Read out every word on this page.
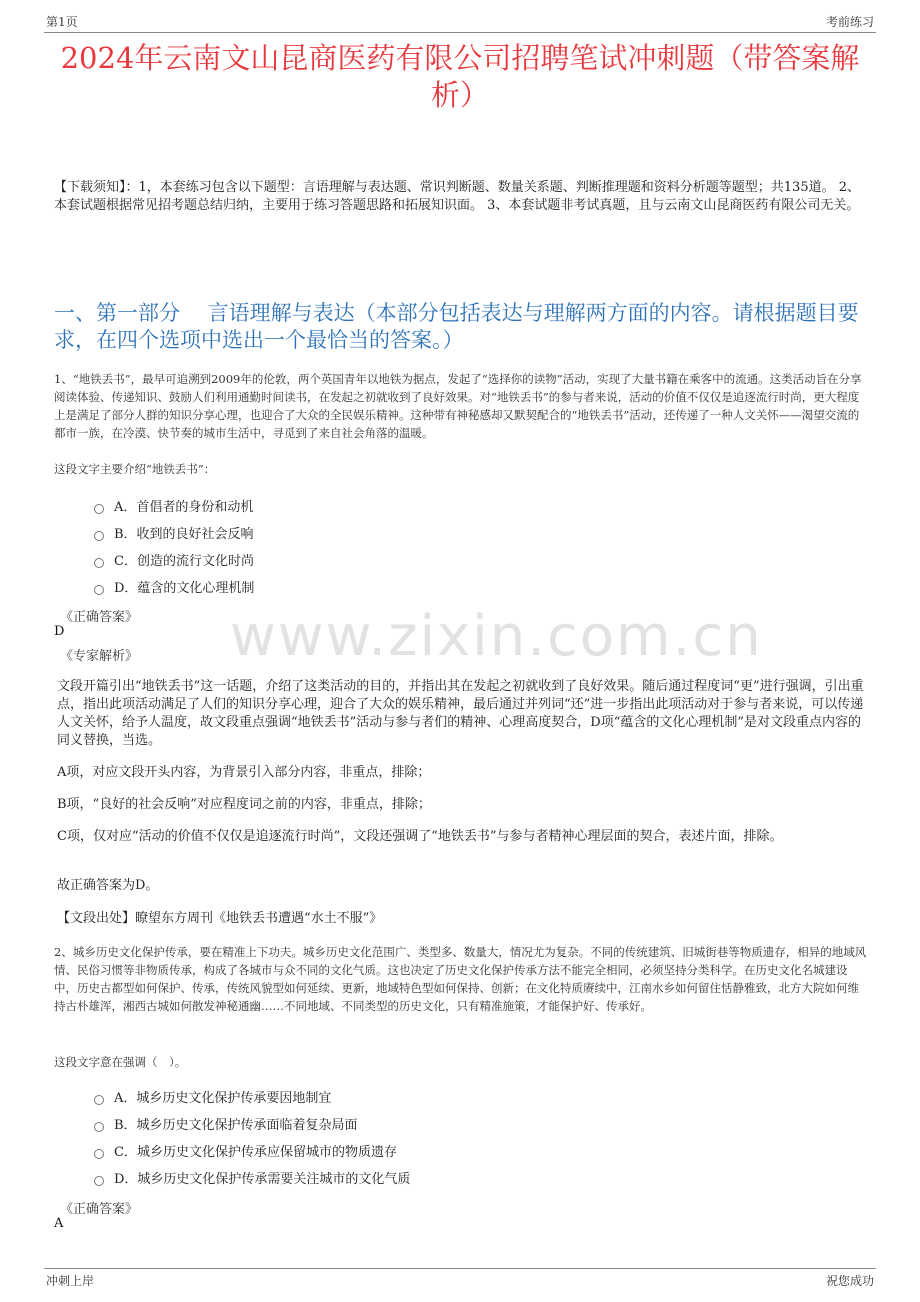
第1页	考前练习
2024年云南文山昆商医药有限公司招聘笔试冲刺题（带答案解析）
【下载须知】：1，本套练习包含以下题型：言语理解与表达题、常识判断题、数量关系题、判断推理题和资料分析题等题型；共135道。 2、本套试题根据常见招考题总结归纳，主要用于练习答题思路和拓展知识面。 3、本套试题非考试真题，且与云南文山昆商医药有限公司无关。
一、第一部分　 言语理解与表达（本部分包括表达与理解两方面的内容。请根据题目要求，在四个选项中选出一个最恰当的答案。）
1、“地铁丢书”，最早可追溯到2009年的伦敦，两个英国青年以地铁为据点，发起了“选择你的读物”活动，实现了大量书籍在乘客中的流通。这类活动旨在分享阅读体验、传递知识、鼓励人们利用通勤时间读书，在发起之初就收到了良好效果。对“地铁丢书”的参与者来说，活动的价值不仅仅是追逐流行时尚，更大程度上是满足了部分人群的知识分享心理，也迎合了大众的全民娱乐精神。这种带有神秘感却又默契配合的“地铁丢书”活动，还传递了一种人文关怀——渴望交流的都市一族，在冷漠、快节奏的城市生活中，寻觅到了来自社会角落的温暖。
这段文字主要介绍“地铁丢书”：
A．首倡者的身份和动机
B．收到的良好社会反响
C．创造的流行文化时尚
D．蕴含的文化心理机制
《正确答案》
D
《专家解析》 www.zixin.com.cn
文段开篇引出“地铁丢书”这一话题，介绍了这类活动的目的，并指出其在发起之初就收到了良好效果。随后通过程度词“更”进行强调，引出重点，指出此项活动满足了人们的知识分享心理，迎合了大众的娱乐精神，最后通过并列词“还”进一步指出此项活动对于参与者来说，可以传递人文关怀，给予人温度，故文段重点强调“地铁丢书”活动与参与者们的精神、心理高度契合，D项“蕴含的文化心理机制”是对文段重点内容的同义替换，当选。
A项，对应文段开头内容，为背景引入部分内容，非重点，排除；
B项，“良好的社会反响”对应程度词之前的内容，非重点，排除；
C项，仅对应“活动的价值不仅仅是追逐流行时尚”，文段还强调了“地铁丢书”与参与者精神心理层面的契合，表述片面，排除。
故正确答案为D。
【文段出处】瞭望东方周刊《地铁丢书遭遇“水土不服”》
2、城乡历史文化保护传承，要在精准上下功夫。城乡历史文化范围广、类型多、数量大，情况尤为复杂。不同的传统建筑、旧城街巷等物质遗存，相异的地域风情、民俗习惯等非物质传承，构成了各城市与众不同的文化气质。这也决定了历史文化保护传承方法不能完全相同，必须坚持分类科学。在历史文化名城建设中，历史古都型如何保护、传承，传统风貌型如何延续、更新，地域特色型如何保持、创新；在文化特质赓续中，江南水乡如何留住恬静雅致，北方大院如何维持古朴雄浑，湘西古城如何散发神秘通幽……不同地域、不同类型的历史文化，只有精准施策，才能保护好、传承好。
这段文字意在强调（　）。
A．城乡历史文化保护传承要因地制宜
B．城乡历史文化保护传承面临着复杂局面
C．城乡历史文化保护传承应保留城市的物质遗存
D．城乡历史文化保护传承需要关注城市的文化气质
《正确答案》
A
冲刺上岸	祝您成功
